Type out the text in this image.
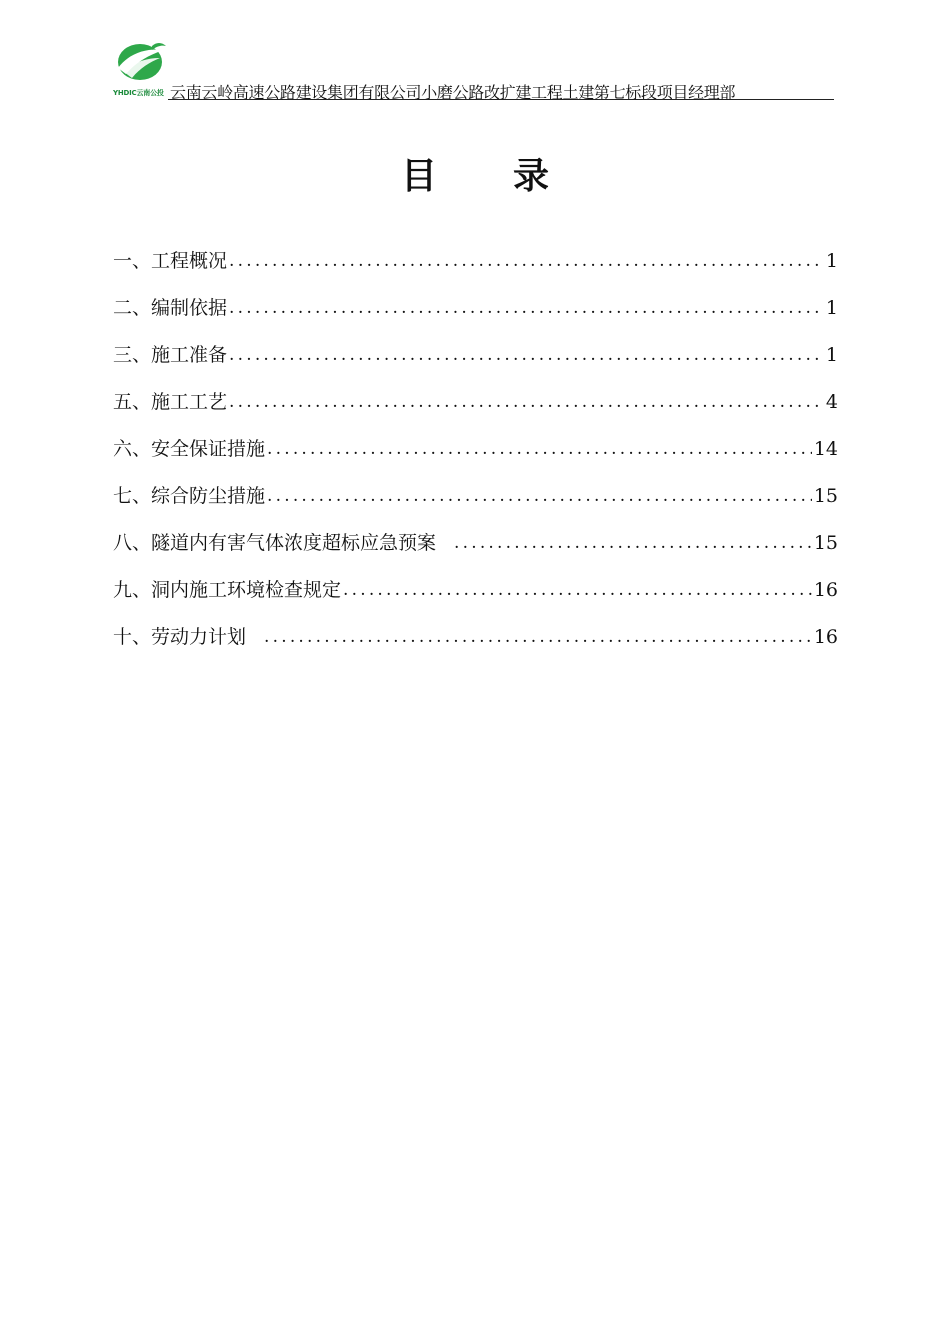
YHDIC云南公投 云南云岭高速公路建设集团有限公司小磨公路改扩建工程土建第七标段项目经理部
目 录
一、工程概况 .....	1
二、编制依据 .....	1
三、施工准备 .....	1
五、施工工艺 .....	4
六、安全保证措施 .....	14
七、综合防尘措施 .....	15
八、隧道内有害气体浓度超标应急预案 .....	15
九、洞内施工环境检查规定 .....	16
十、劳动力计划 .....	16
